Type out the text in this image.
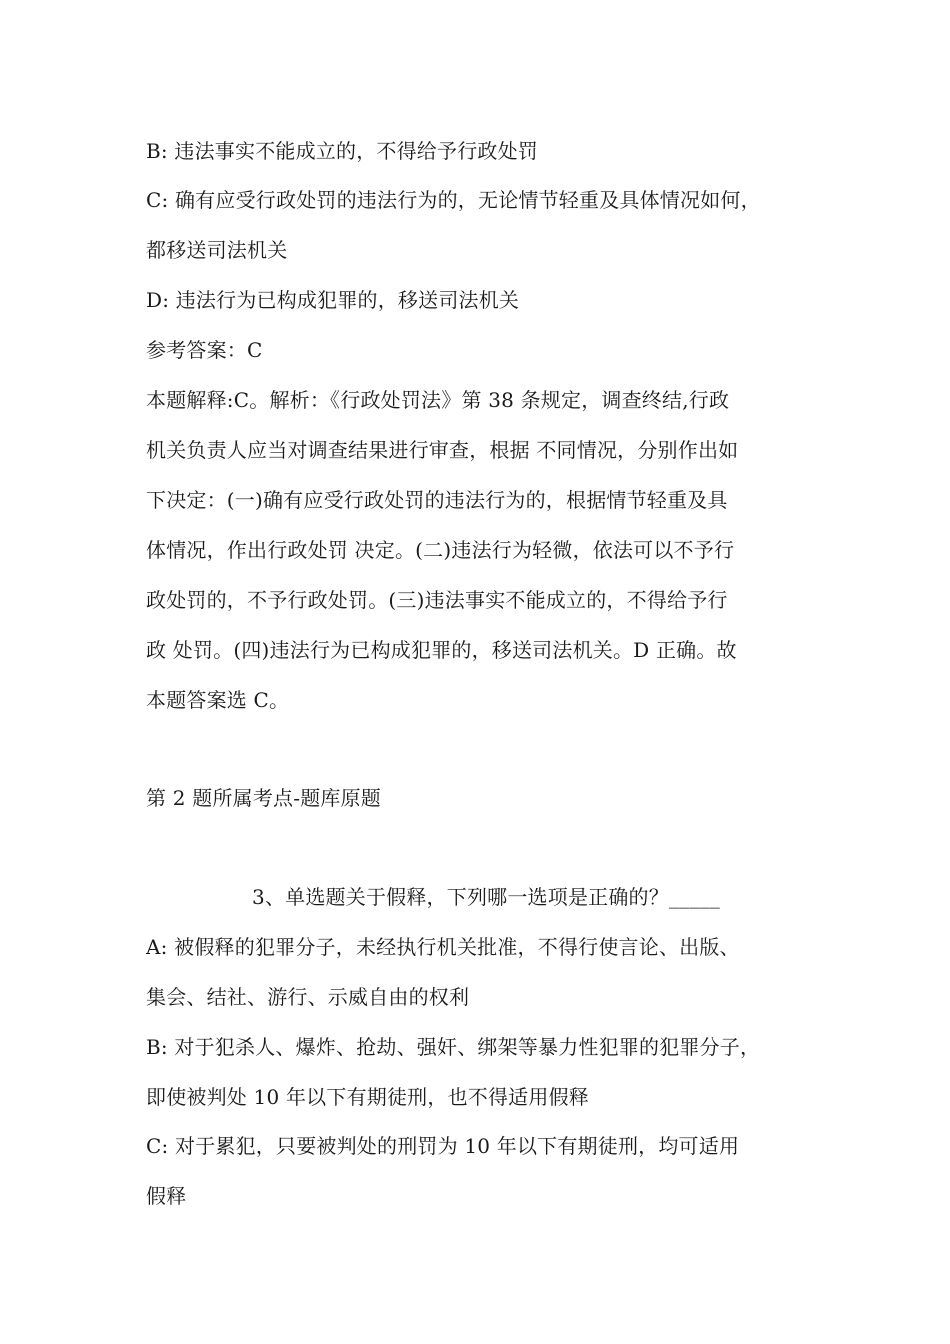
B: 违法事实不能成立的，不得给予行政处罚
C: 确有应受行政处罚的违法行为的，无论情节轻重及具体情况如何，
都移送司法机关
D: 违法行为已构成犯罪的，移送司法机关
参考答案：C
本题解释:C。解析：《行政处罚法》第 38 条规定，调查终结,行政
机关负责人应当对调查结果进行审查，根据 不同情况，分别作出如
下决定：(一)确有应受行政处罚的违法行为的，根据情节轻重及具
体情况，作出行政处罚 决定。(二)违法行为轻微，依法可以不予行
政处罚的，不予行政处罚。(三)违法事实不能成立的，不得给予行
政 处罚。(四)违法行为已构成犯罪的，移送司法机关。D 正确。故
本题答案选 C。
第 2 题所属考点-题库原题
3、单选题关于假释，下列哪一选项是正确的？_____
A: 被假释的犯罪分子，未经执行机关批准，不得行使言论、出版、
集会、结社、游行、示威自由的权利
B: 对于犯杀人、爆炸、抢劫、强奸、绑架等暴力性犯罪的犯罪分子，
即使被判处 10 年以下有期徒刑，也不得适用假释
C: 对于累犯，只要被判处的刑罚为 10 年以下有期徒刑，均可适用
假释
